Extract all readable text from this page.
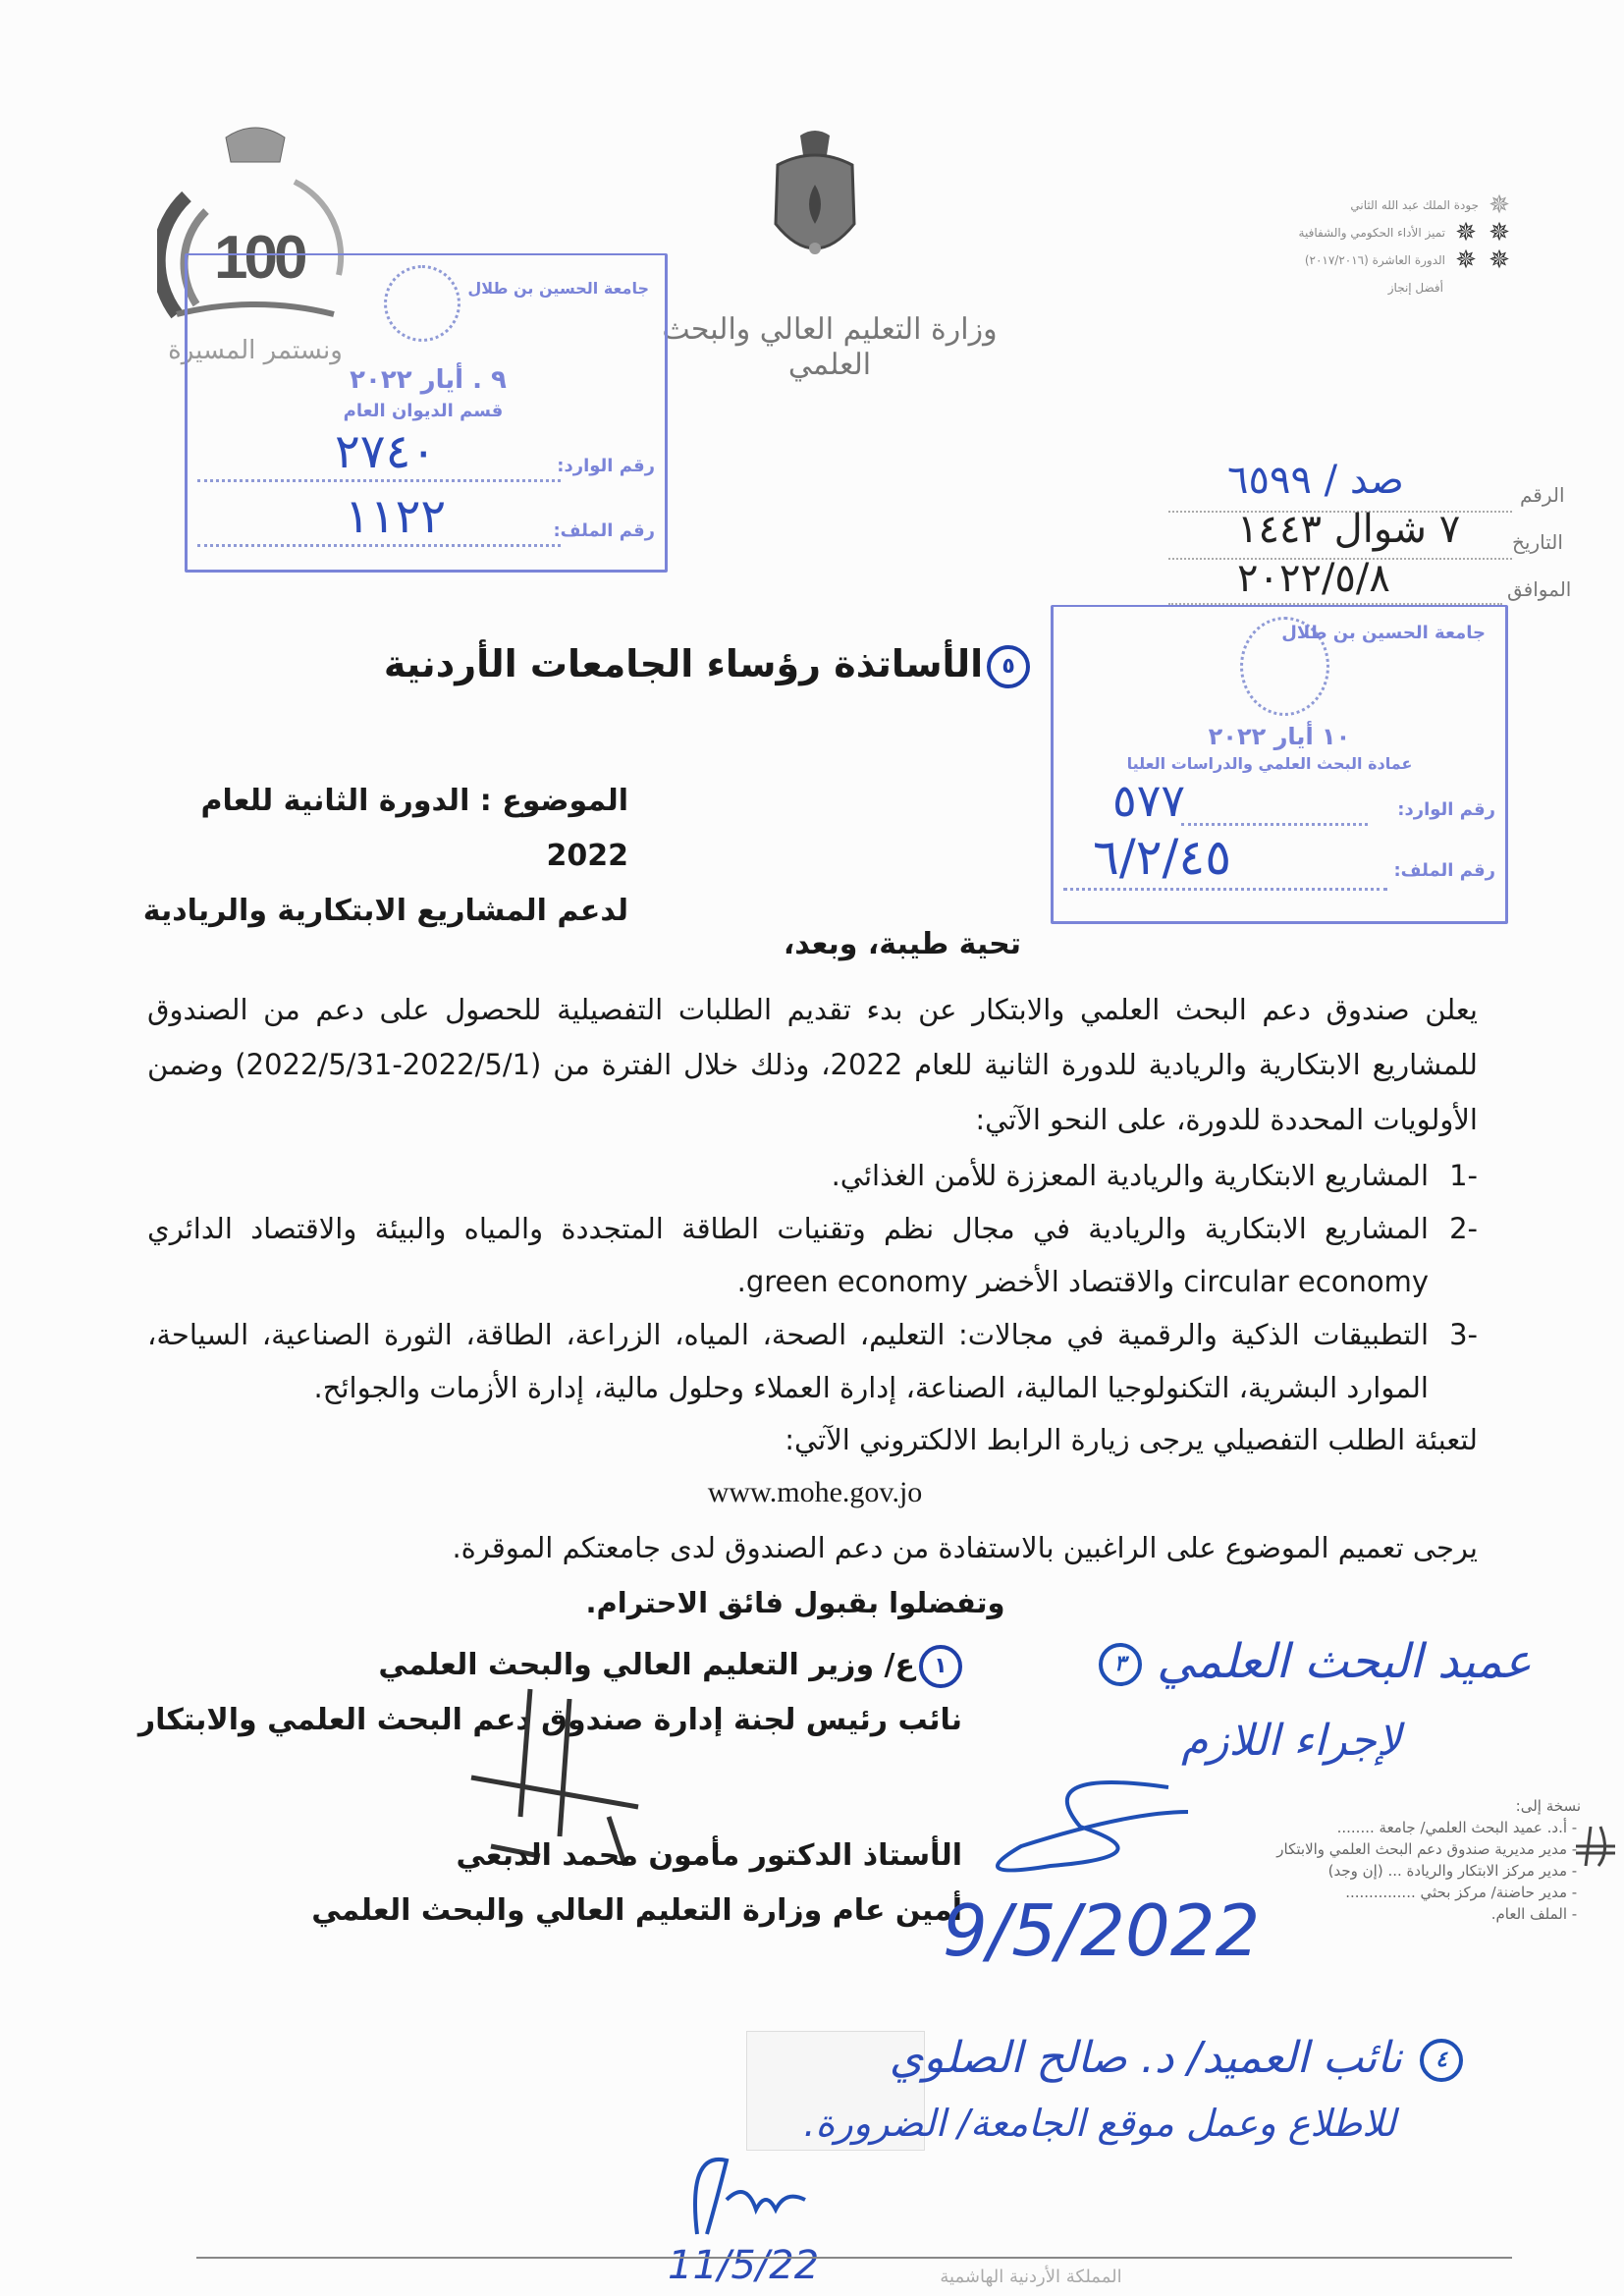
100
ونستمر المسيرة
وزارة التعليم العالي والبحث العلمي
✵
جودة الملك عبد الله الثاني
✵
✵
تميز الأداء الحكومي والشفافية
✵
✵
الدورة العاشرة (٢٠١٧/٢٠١٦)
أفضل إنجاز
جامعة الحسين بن طلال
٩ . أيار ٢٠٢٢
قسم الديوان العام
٢٧٤٠	رقم الوارد:
١١٢٢	رقم الملف:
الرقم
صد / ٦٥٩٩
التاريخ
٧ شوال ١٤٤٣
الموافق
٢٠٢٢/٥/٨
جامعة الحسين بن طلال
١٠ أيار ٢٠٢٢
عمادة البحث العلمي والدراسات العليا
٥٧٧	رقم الوارد:
٦/٢/٤٥	رقم الملف:
٥الأساتذة رؤساء الجامعات الأردنية
الموضوع : الدورة الثانية للعام 2022
لدعم المشاريع الابتكارية والريادية
تحية طيبة، وبعد،
يعلن صندوق دعم البحث العلمي والابتكار عن بدء تقديم الطلبات التفصيلية للحصول على دعم من الصندوق للمشاريع الابتكارية والريادية للدورة الثانية للعام 2022، وذلك خلال الفترة من (2022/5/1-2022/5/31) وضمن الأولويات المحددة للدورة، على النحو الآتي:
-1
المشاريع الابتكارية والريادية المعززة للأمن الغذائي.
-2
المشاريع الابتكارية والريادية في مجال نظم وتقنيات الطاقة المتجددة والمياه والبيئة والاقتصاد الدائري circular economy والاقتصاد الأخضر green economy.
-3
التطبيقات الذكية والرقمية في مجالات: التعليم، الصحة، المياه، الزراعة، الطاقة، الثورة الصناعية، السياحة، الموارد البشرية، التكنولوجيا المالية، الصناعة، إدارة العملاء وحلول مالية، إدارة الأزمات والجوائح.
لتعبئة الطلب التفصيلي يرجى زيارة الرابط الالكتروني الآتي:
www.mohe.gov.jo
يرجى تعميم الموضوع على الراغبين بالاستفادة من دعم الصندوق لدى جامعتكم الموقرة.
وتفضلوا بقبول فائق الاحترام.
١ع/ وزير التعليم العالي والبحث العلمي
نائب رئيس لجنة إدارة صندوق دعم البحث العلمي والابتكار
الأستاذ الدكتور مأمون محمد الدبعي
أمين عام وزارة التعليم العالي والبحث العلمي
نسخة إلى:
- أ.د. عميد البحث العلمي/ جامعة ........
- مدير مديرية صندوق دعم البحث العلمي والابتكار
- مدير مركز الابتكار والريادة ... (إن وجد)
- مدير حاضنة/ مركز بحثي ...............
- الملف العام.
عميد البحث العلمي ٣
لإجراء اللازم
9/5/2022
٤ نائب العميد/ د. صالح الصلوي
للاطلاع وعمل موقع الجامعة/ الضرورة.
11/5/22	المملكة الأردنية الهاشمية
